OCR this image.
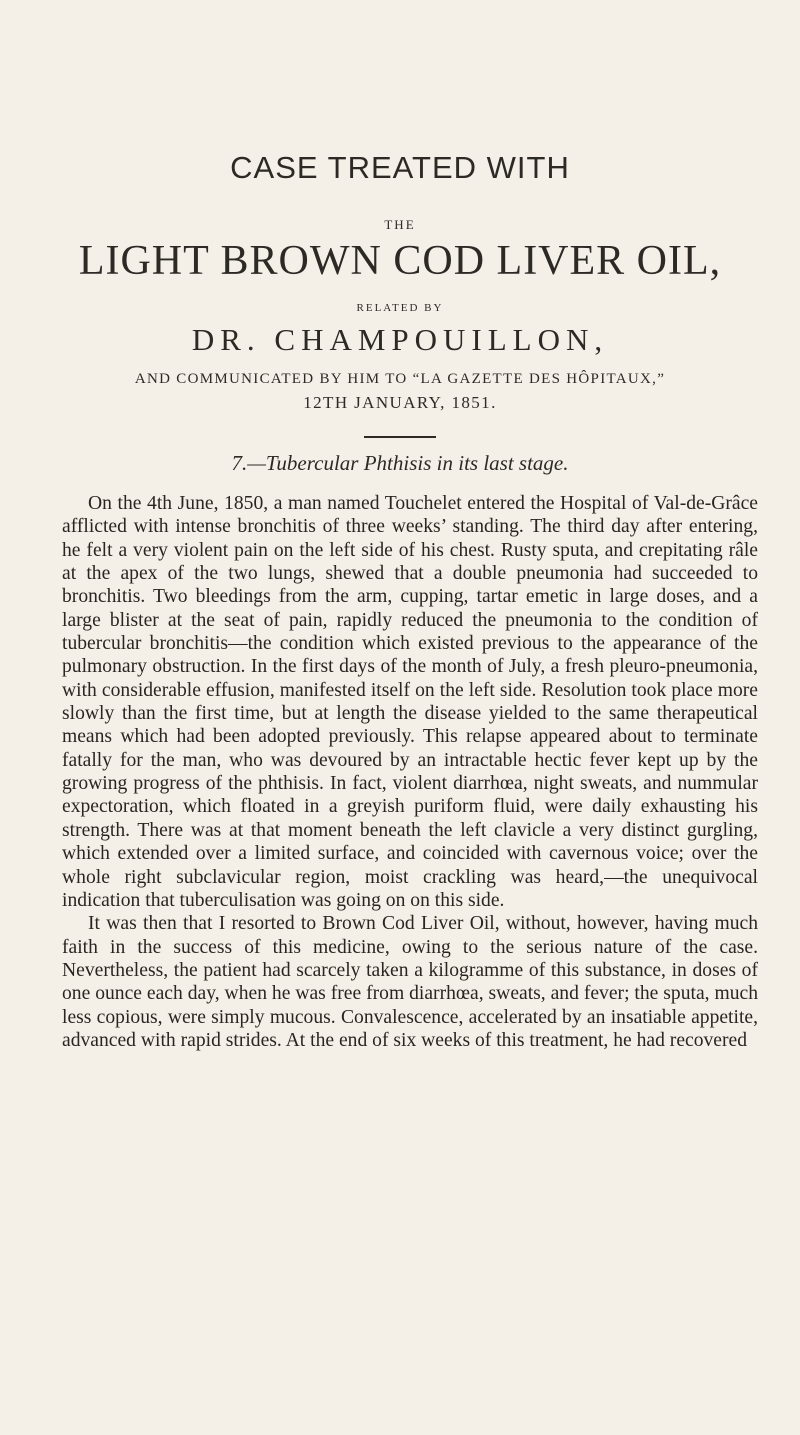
CASE TREATED WITH
THE
LIGHT BROWN COD LIVER OIL,
RELATED BY
DR. CHAMPOUILLON,
AND COMMUNICATED BY HIM TO “LA GAZETTE DES HÔPITAUX,”
12TH JANUARY, 1851.
7.—Tubercular Phthisis in its last stage.

On the 4th June, 1850, a man named Touchelet entered the Hospital of Val-de-Grâce afflicted with intense bronchitis of three weeks’ standing. The third day after entering, he felt a very violent pain on the left side of his chest. Rusty sputa, and crepitating râle at the apex of the two lungs, shewed that a double pneumonia had succeeded to bronchitis. Two bleedings from the arm, cupping, tartar emetic in large doses, and a large blister at the seat of pain, rapidly reduced the pneumonia to the condition of tubercular bronchitis—the condition which existed previous to the appearance of the pulmonary obstruction. In the first days of the month of July, a fresh pleuro-pneumonia, with considerable effusion, manifested itself on the left side. Resolution took place more slowly than the first time, but at length the disease yielded to the same therapeutical means which had been adopted previously. This relapse appeared about to terminate fatally for the man, who was devoured by an intractable hectic fever kept up by the growing progress of the phthisis. In fact, violent diarrhœa, night sweats, and nummular expectoration, which floated in a greyish puriform fluid, were daily exhausting his strength. There was at that moment beneath the left clavicle a very distinct gurgling, which extended over a limited surface, and coincided with cavernous voice; over the whole right subclavicular region, moist crackling was heard,—the unequivocal indication that tuberculisation was going on on this side.

It was then that I resorted to Brown Cod Liver Oil, without, however, having much faith in the success of this medicine, owing to the serious nature of the case. Nevertheless, the patient had scarcely taken a kilogramme of this substance, in doses of one ounce each day, when he was free from diarrhœa, sweats, and fever; the sputa, much less copious, were simply mucous. Convalescence, accelerated by an insatiable appetite, advanced with rapid strides. At the end of six weeks of this treatment, he had recovered
